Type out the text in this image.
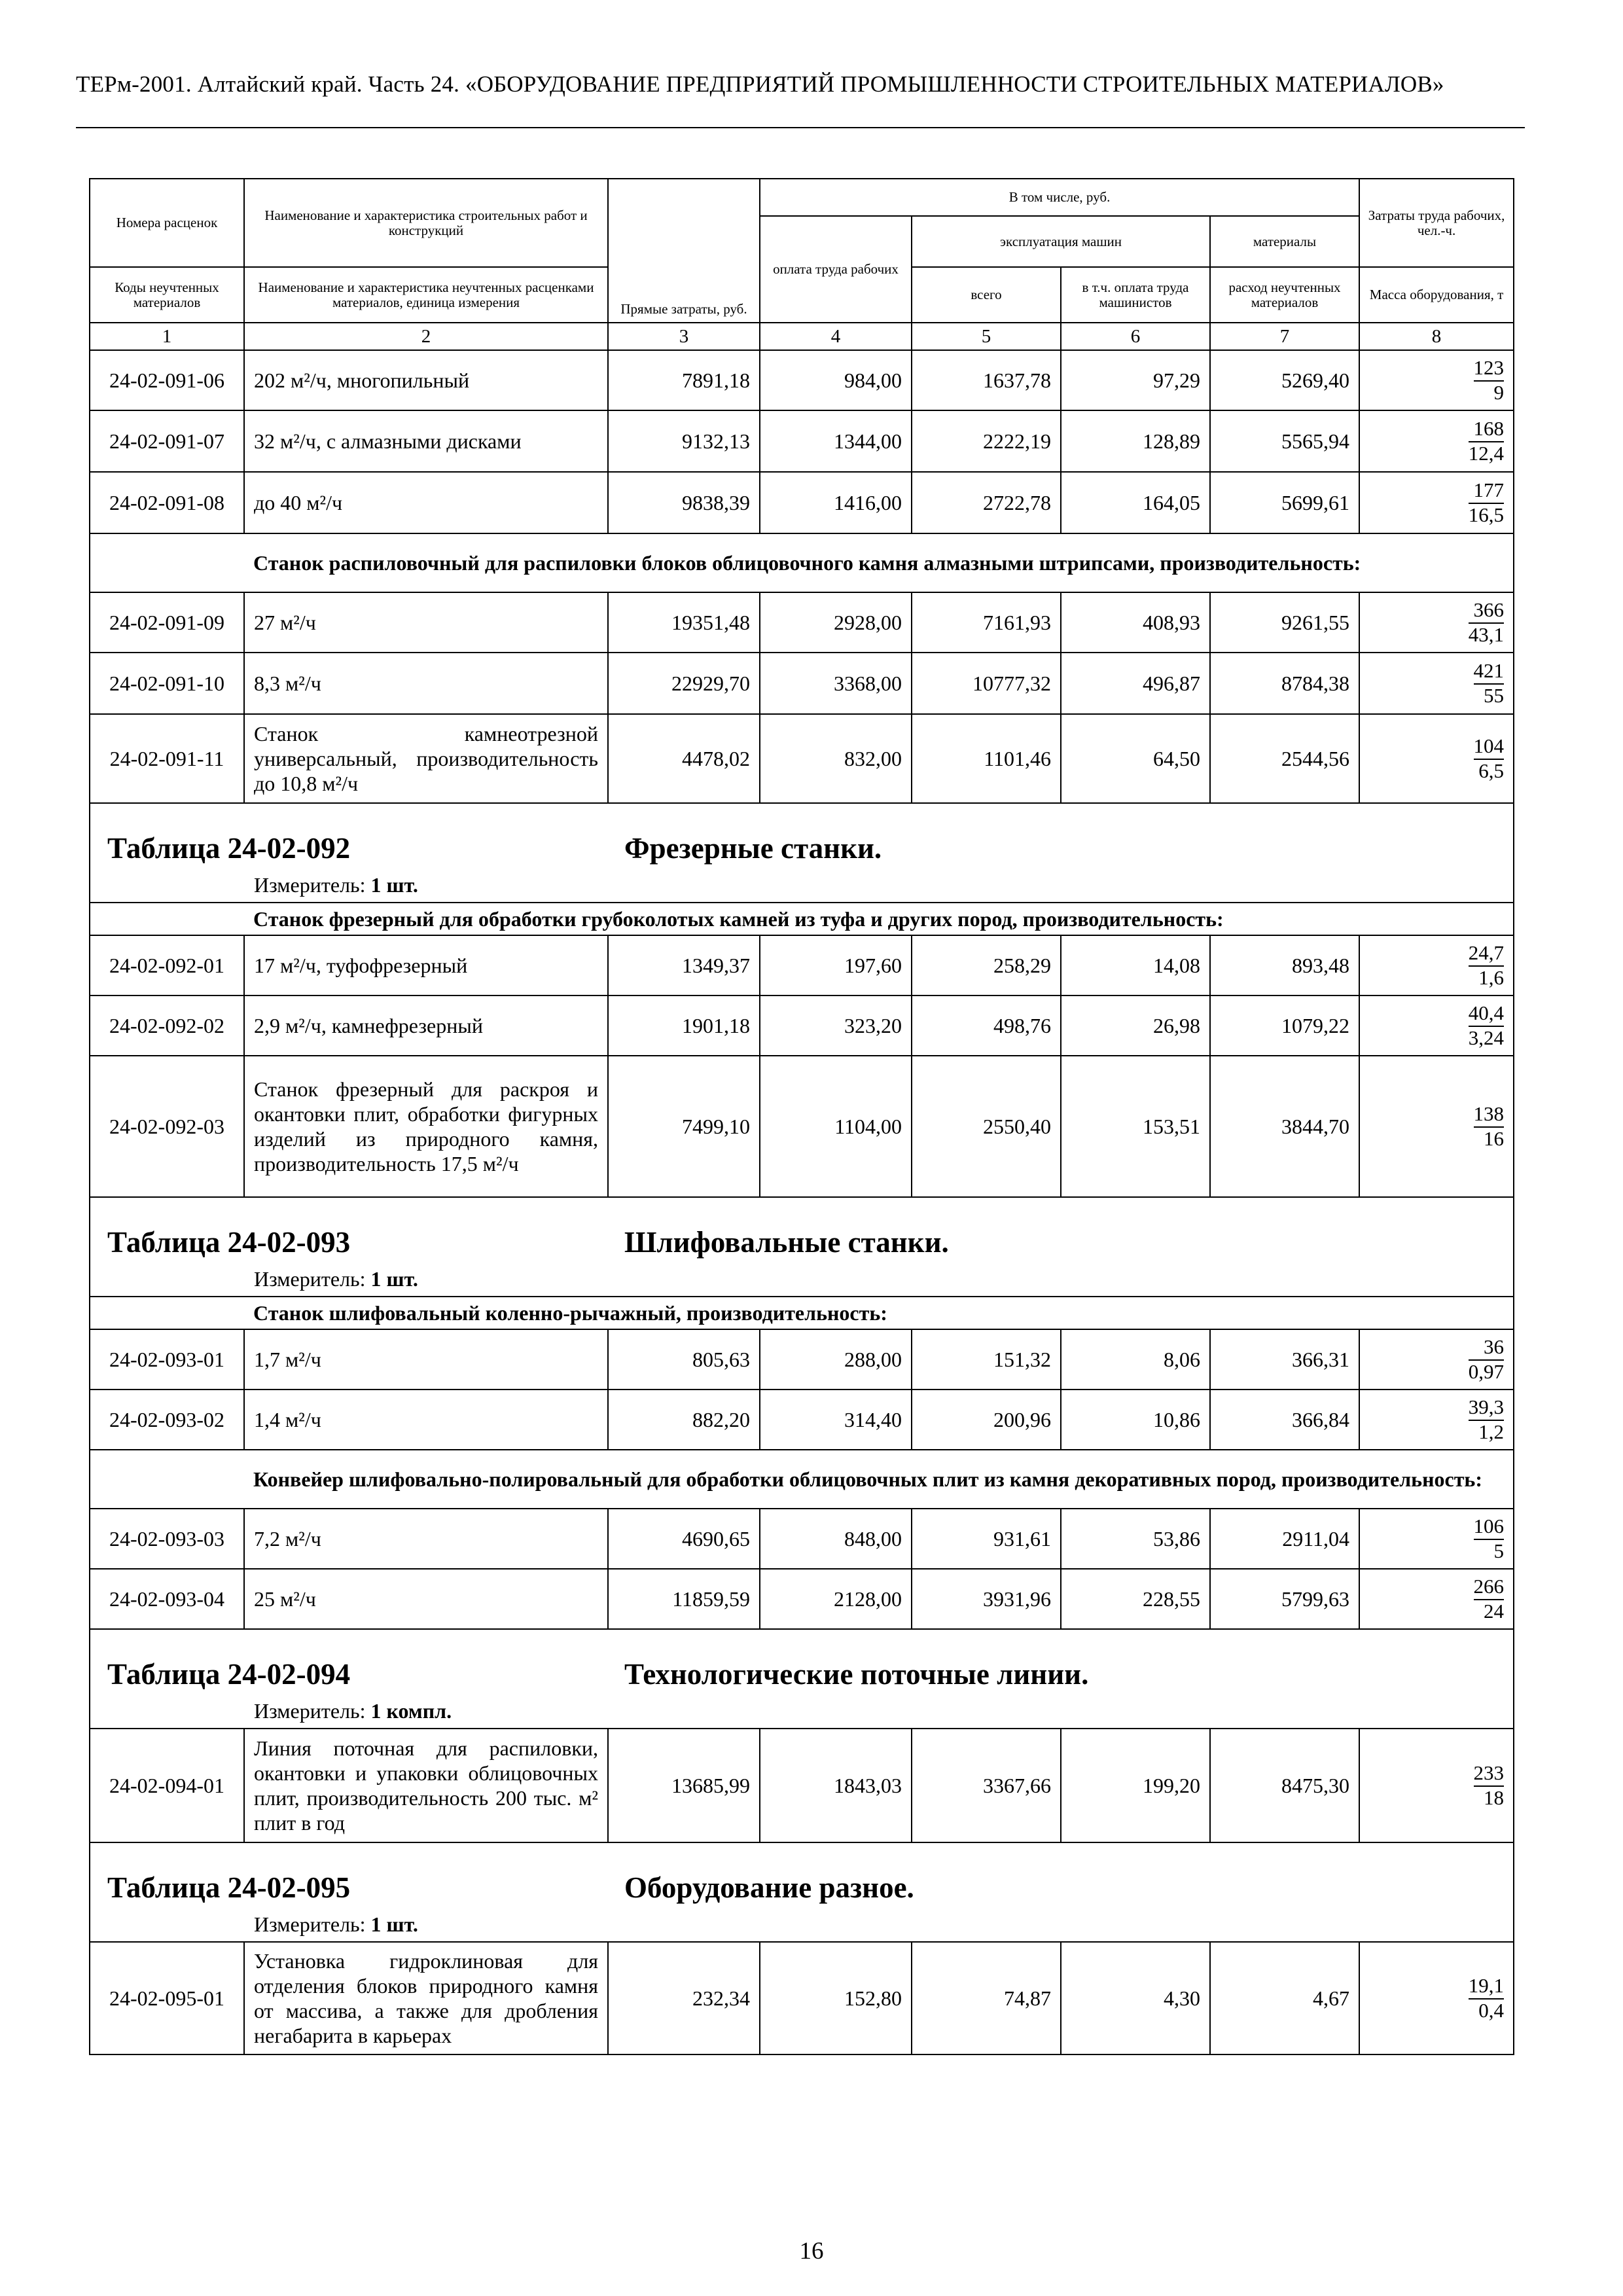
ТЕРм-2001. Алтайский край. Часть 24. «ОБОРУДОВАНИЕ ПРЕДПРИЯТИЙ ПРОМЫШЛЕННОСТИ СТРОИТЕЛЬНЫХ МАТЕРИАЛОВ»
Номера расценок	Наименование и характеристика строительных работ и конструкций	Прямые затраты, руб.	В том числе, руб.				Затраты труда рабочих, чел.-ч.
			оплата труда рабочих	эксплуатация машин		материалы	
Коды неучтенных материалов	Наименование и характеристика неучтенных расценками материалов, единица измерения			всего	в т.ч. оплата труда машинистов	расход неучтенных материалов	Масса оборудования, т
1	2	3	4	5	6	7	8
24-02-091-06	202 м²/ч, многопильный	7891,18	984,00	1637,78	97,29	5269,40	$\frac{123}{9}$

24-02-091-07	32 м²/ч, с алмазными дисками	9132,13	1344,00	2222,19	128,89	5565,94	$\frac{168}{12,4}$

24-02-091-08	до 40 м²/ч	9838,39	1416,00	2722,78	164,05	5699,61	$\frac{177}{16,5}$

	Станок распиловочный для распиловки блоков облицовочного камня алмазными штрипсами, производительность:						
24-02-091-09	27 м²/ч	19351,48	2928,00	7161,93	408,93	9261,55	$\frac{366}{43,1}$

24-02-091-10	8,3 м²/ч	22929,70	3368,00	10777,32	496,87	8784,38	$\frac{421}{55}$

24-02-091-11	Станок камнеотрезной универсальный, производительность до 10,8 м²/ч	4478,02	832,00	1101,46	64,50	2544,56	$\frac{104}{6,5}$

Таблица 24-02-092 Фрезерные станки.
Измеритель: 1 шт.							

	Станок фрезерный для обработки грубоколотых камней из туфа и других пород, производительность:						
24-02-092-01	17 м²/ч, туфофрезерный	1349,37	197,60	258,29	14,08	893,48	$\frac{24,7}{1,6}$

24-02-092-02	2,9 м²/ч, камнефрезерный	1901,18	323,20	498,76	26,98	1079,22	$\frac{40,4}{3,24}$

24-02-092-03	Станок фрезерный для раскроя и окантовки плит, обработки фигурных изделий из природного камня, производительность 17,5 м²/ч	7499,10	1104,00	2550,40	153,51	3844,70	$\frac{138}{16}$

Таблица 24-02-093 Шлифовальные станки.
Измеритель: 1 шт.							

	Станок шлифовальный коленно-рычажный, производительность:						
24-02-093-01	1,7 м²/ч	805,63	288,00	151,32	8,06	366,31	$\frac{36}{0,97}$

24-02-093-02	1,4 м²/ч	882,20	314,40	200,96	10,86	366,84	$\frac{39,3}{1,2}$

	Конвейер шлифовально-полировальный для обработки облицовочных плит из камня декоративных пород, производительность:						
24-02-093-03	7,2 м²/ч	4690,65	848,00	931,61	53,86	2911,04	$\frac{106}{5}$

24-02-093-04	25 м²/ч	11859,59	2128,00	3931,96	228,55	5799,63	$\frac{266}{24}$

Таблица 24-02-094 Технологические поточные линии.
Измеритель: 1 компл.							

24-02-094-01	Линия поточная для распиловки, окантовки и упаковки облицовочных плит, производительность 200 тыс. м² плит в год	13685,99	1843,03	3367,66	199,20	8475,30	$\frac{233}{18}$

Таблица 24-02-095 Оборудование разное.
Измеритель: 1 шт.							

24-02-095-01	Установка гидроклиновая для отделения блоков природного камня от массива, а также для дробления негабарита в карьерах	232,34	152,80	74,87	4,30	4,67	$\frac{19,1}{0,4}$
16
